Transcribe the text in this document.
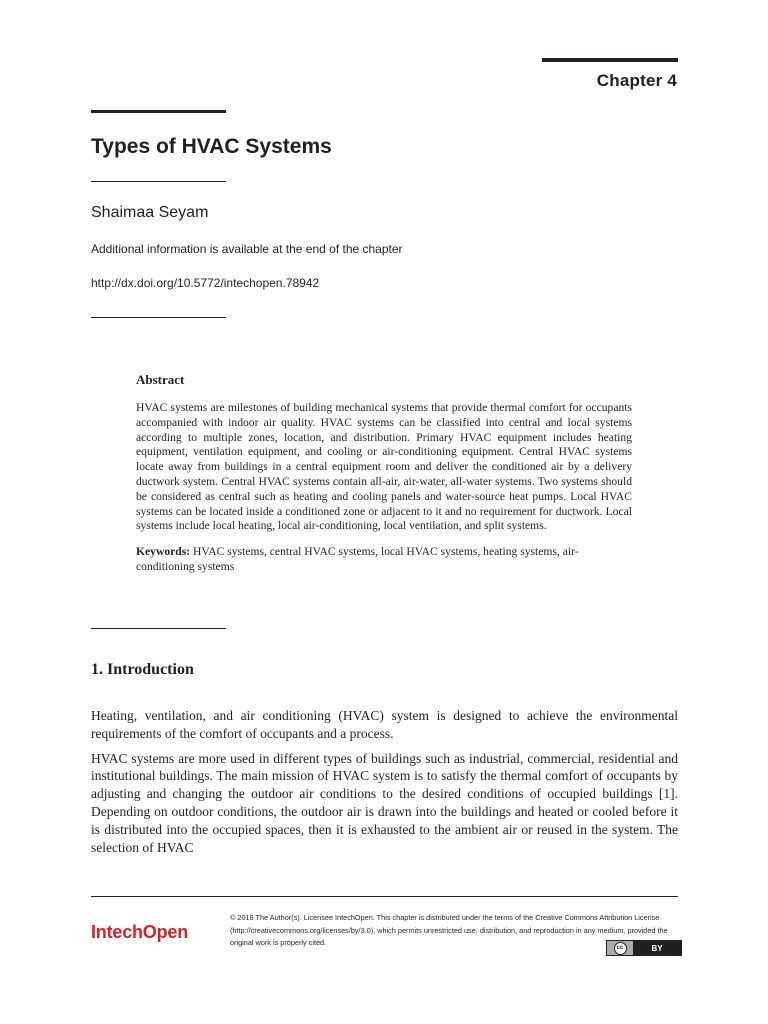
Chapter 4
Types of HVAC Systems
Shaimaa Seyam
Additional information is available at the end of the chapter
http://dx.doi.org/10.5772/intechopen.78942

Abstract

HVAC systems are milestones of building mechanical systems that provide thermal comfort for occupants accompanied with indoor air quality. HVAC systems can be classified into central and local systems according to multiple zones, location, and distribution. Primary HVAC equipment includes heating equipment, ventilation equipment, and cooling or air-conditioning equipment. Central HVAC systems locate away from buildings in a central equipment room and deliver the conditioned air by a delivery ductwork system. Central HVAC systems contain all-air, air-water, all-water systems. Two systems should be considered as central such as heating and cooling panels and water-source heat pumps. Local HVAC systems can be located inside a conditioned zone or adjacent to it and no requirement for ductwork. Local systems include local heating, local air-conditioning, local ventilation, and split systems.

Keywords: HVAC systems, central HVAC systems, local HVAC systems, heating systems, air-conditioning systems

1. Introduction

Heating, ventilation, and air conditioning (HVAC) system is designed to achieve the environmental requirements of the comfort of occupants and a process.

HVAC systems are more used in different types of buildings such as industrial, commercial, residential and institutional buildings. The main mission of HVAC system is to satisfy the thermal comfort of occupants by adjusting and changing the outdoor air conditions to the desired conditions of occupied buildings [1]. Depending on outdoor conditions, the outdoor air is drawn into the buildings and heated or cooled before it is distributed into the occupied spaces, then it is exhausted to the ambient air or reused in the system. The selection of HVAC

IntechOpen
© 2018 The Author(s). Licensee IntechOpen. This chapter is distributed under the terms of the Creative Commons Attribution License (http://creativecommons.org/licenses/by/3.0), which permits unrestricted use, distribution, and reproduction in any medium, provided the original work is properly cited.
cc	BY
